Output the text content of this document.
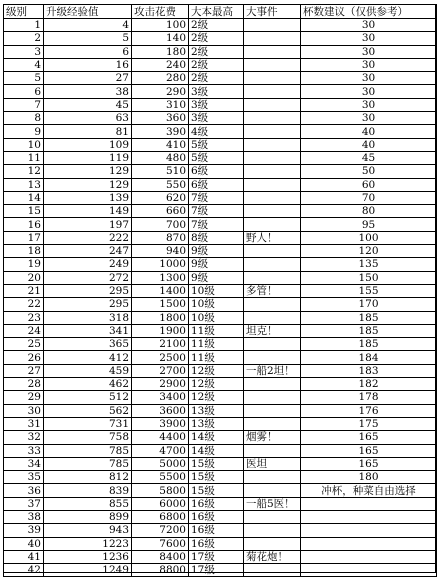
级别	升级经验值	攻击花费	大本最高	大事件	杯数建议（仅供参考）
1	4	100	2级		30
2	5	140	2级		30
3	6	180	2级		30
4	16	240	2级		30
5	27	280	2级		30
6	38	290	3级		30
7	45	310	3级		30
8	63	360	3级		30
9	81	390	4级		40
10	109	410	5级		40
11	119	480	5级		45
12	129	510	6级		50
13	129	550	6级		60
14	139	620	7级		70
15	149	660	7级		80
16	197	700	7级		95
17	222	870	8级	野人！	100
18	247	940	9级		120
19	249	1000	9级		135
20	272	1300	9级		150
21	295	1400	10级	多管！	155
22	295	1500	10级		170
23	318	1800	10级		185
24	341	1900	11级	坦克！	185
25	365	2100	11级		185
26	412	2500	11级		184
27	459	2700	12级	一船2坦！	183
28	462	2900	12级		182
29	512	3400	12级		178
30	562	3600	13级		176
31	731	3900	13级		175
32	758	4400	14级	烟雾！	165
33	785	4700	14级		165
34	785	5000	15级	医坦	165
35	812	5500	15级		180
36	839	5800	15级		冲杯，种菜自由选择
37	855	6000	16级	一船5医！	
38	899	6800	16级		
39	943	7200	16级		
40	1223	7600	16级		
41	1236	8400	17级	菊花炮！	
42	1249	8800	17级		
